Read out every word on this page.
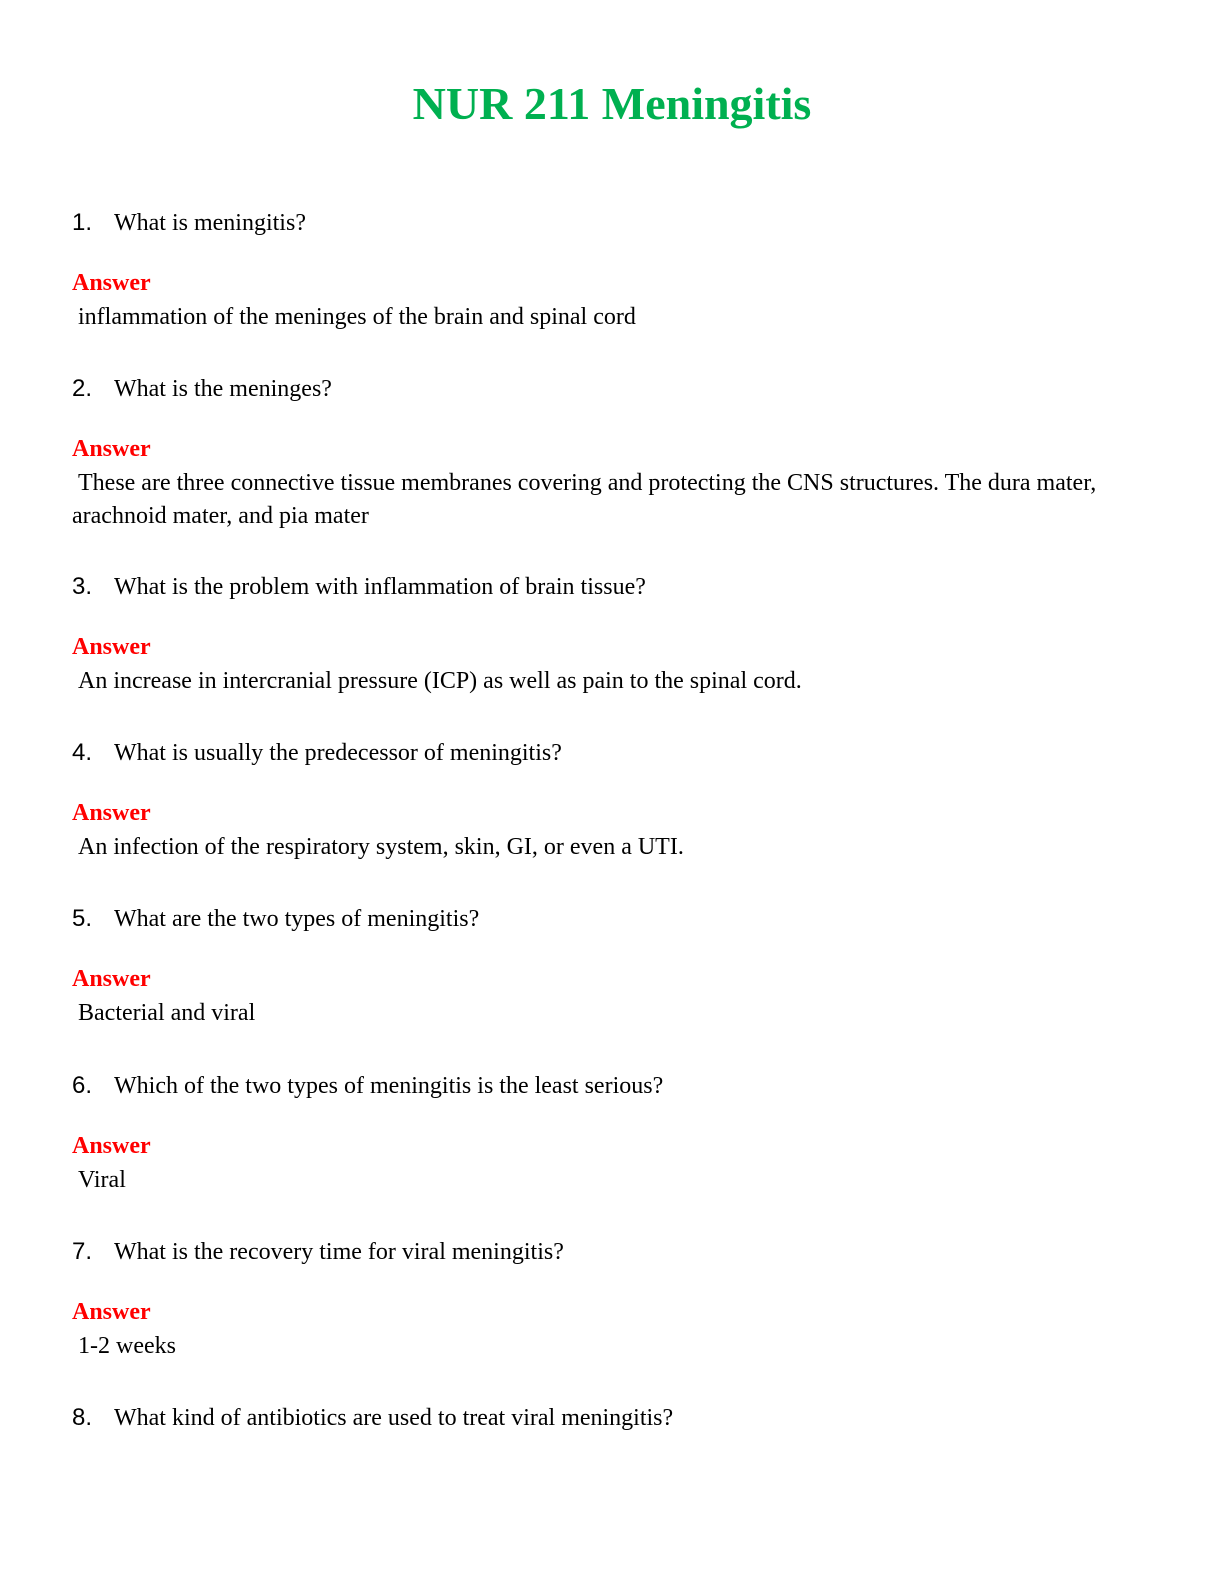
NUR 211 Meningitis
1. What is meningitis?
Answer
inflammation of the meninges of the brain and spinal cord
2. What is the meninges?
Answer
These are three connective tissue membranes covering and protecting the CNS structures. The dura mater, arachnoid mater, and pia mater
3. What is the problem with inflammation of brain tissue?
Answer
An increase in intercranial pressure (ICP) as well as pain to the spinal cord.
4. What is usually the predecessor of meningitis?
Answer
An infection of the respiratory system, skin, GI, or even a UTI.
5. What are the two types of meningitis?
Answer
Bacterial and viral
6. Which of the two types of meningitis is the least serious?
Answer
Viral
7. What is the recovery time for viral meningitis?
Answer
1-2 weeks
8. What kind of antibiotics are used to treat viral meningitis?
